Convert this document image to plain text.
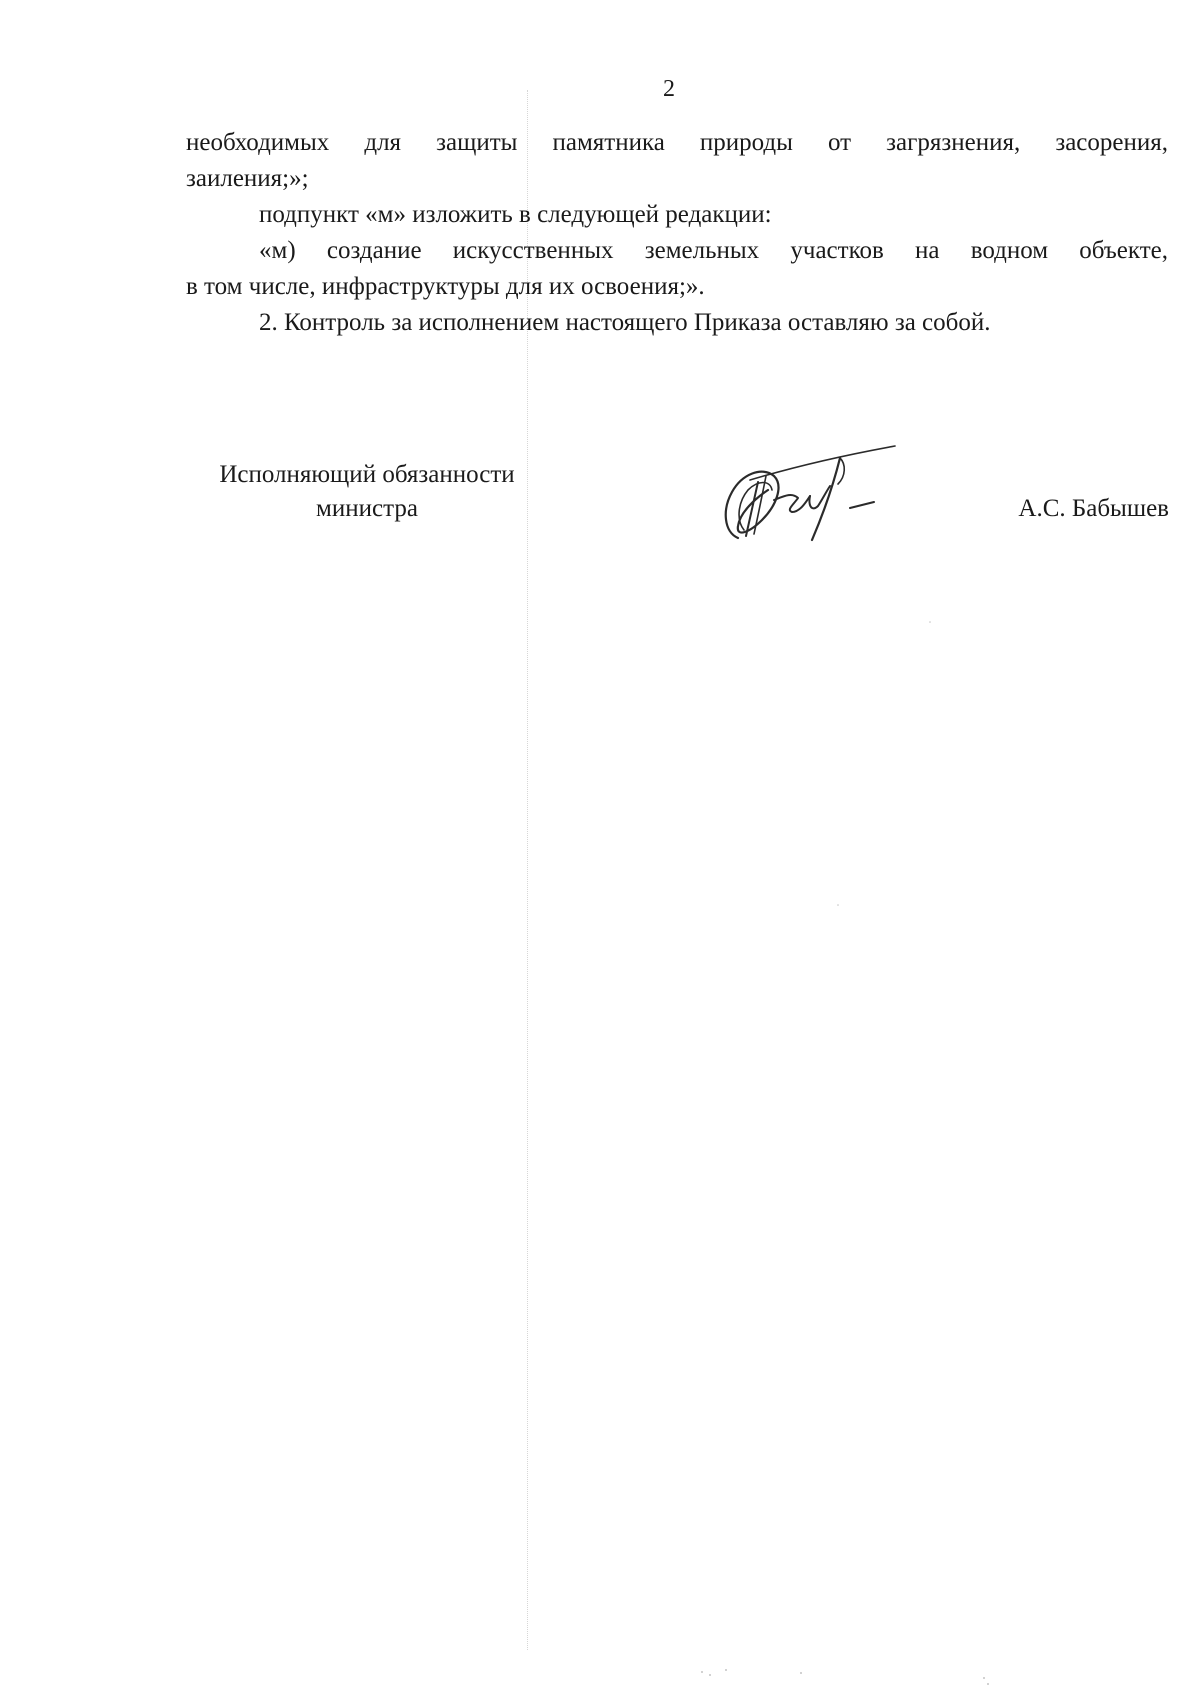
2

необходимых для защиты памятника природы от загрязнения, засорения,

заиления;»;

подпункт «м» изложить в следующей редакции:

«м) создание искусственных земельных участков на водном объекте,

в том числе, инфраструктуры для их освоения;».

2. Контроль за исполнением настоящего Приказа оставляю за собой.

Исполняющий обязанности
министра	А.С. Бабышев
